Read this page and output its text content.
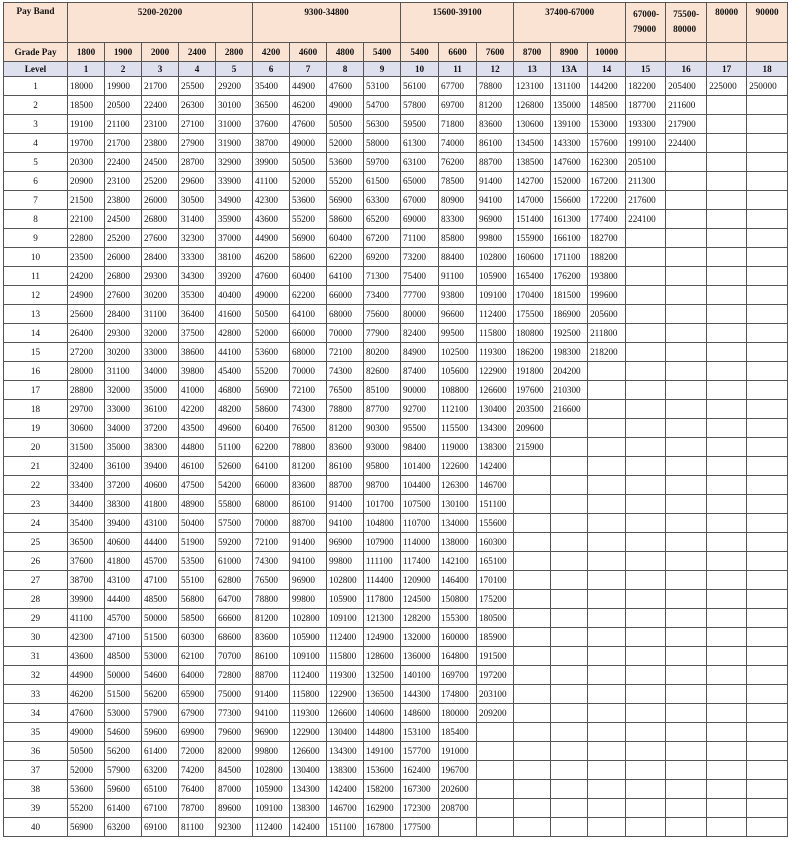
Pay Band	5200-20200					9300-34800				15600-39100			37400-67000			67000-79000	75500-80000	80000	90000
Grade Pay	1800	1900	2000	2400	2800	4200	4600	4800	5400	5400	6600	7600	8700	8900	10000				
Level	1	2	3	4	5	6	7	8	9	10	11	12	13	13A	14	15	16	17	18
1	18000	19900	21700	25500	29200	35400	44900	47600	53100	56100	67700	78800	123100	131100	144200	182200	205400	225000	250000
2	18500	20500	22400	26300	30100	36500	46200	49000	54700	57800	69700	81200	126800	135000	148500	187700	211600		
3	19100	21100	23100	27100	31000	37600	47600	50500	56300	59500	71800	83600	130600	139100	153000	193300	217900		
4	19700	21700	23800	27900	31900	38700	49000	52000	58000	61300	74000	86100	134500	143300	157600	199100	224400		
5	20300	22400	24500	28700	32900	39900	50500	53600	59700	63100	76200	88700	138500	147600	162300	205100			
6	20900	23100	25200	29600	33900	41100	52000	55200	61500	65000	78500	91400	142700	152000	167200	211300			
7	21500	23800	26000	30500	34900	42300	53600	56900	63300	67000	80900	94100	147000	156600	172200	217600			
8	22100	24500	26800	31400	35900	43600	55200	58600	65200	69000	83300	96900	151400	161300	177400	224100			
9	22800	25200	27600	32300	37000	44900	56900	60400	67200	71100	85800	99800	155900	166100	182700				
10	23500	26000	28400	33300	38100	46200	58600	62200	69200	73200	88400	102800	160600	171100	188200				
11	24200	26800	29300	34300	39200	47600	60400	64100	71300	75400	91100	105900	165400	176200	193800				
12	24900	27600	30200	35300	40400	49000	62200	66000	73400	77700	93800	109100	170400	181500	199600				
13	25600	28400	31100	36400	41600	50500	64100	68000	75600	80000	96600	112400	175500	186900	205600				
14	26400	29300	32000	37500	42800	52000	66000	70000	77900	82400	99500	115800	180800	192500	211800				
15	27200	30200	33000	38600	44100	53600	68000	72100	80200	84900	102500	119300	186200	198300	218200				
16	28000	31100	34000	39800	45400	55200	70000	74300	82600	87400	105600	122900	191800	204200					
17	28800	32000	35000	41000	46800	56900	72100	76500	85100	90000	108800	126600	197600	210300					
18	29700	33000	36100	42200	48200	58600	74300	78800	87700	92700	112100	130400	203500	216600					
19	30600	34000	37200	43500	49600	60400	76500	81200	90300	95500	115500	134300	209600						
20	31500	35000	38300	44800	51100	62200	78800	83600	93000	98400	119000	138300	215900						
21	32400	36100	39400	46100	52600	64100	81200	86100	95800	101400	122600	142400							
22	33400	37200	40600	47500	54200	66000	83600	88700	98700	104400	126300	146700							
23	34400	38300	41800	48900	55800	68000	86100	91400	101700	107500	130100	151100							
24	35400	39400	43100	50400	57500	70000	88700	94100	104800	110700	134000	155600							
25	36500	40600	44400	51900	59200	72100	91400	96900	107900	114000	138000	160300							
26	37600	41800	45700	53500	61000	74300	94100	99800	111100	117400	142100	165100							
27	38700	43100	47100	55100	62800	76500	96900	102800	114400	120900	146400	170100							
28	39900	44400	48500	56800	64700	78800	99800	105900	117800	124500	150800	175200							
29	41100	45700	50000	58500	66600	81200	102800	109100	121300	128200	155300	180500							
30	42300	47100	51500	60300	68600	83600	105900	112400	124900	132000	160000	185900							
31	43600	48500	53000	62100	70700	86100	109100	115800	128600	136000	164800	191500							
32	44900	50000	54600	64000	72800	88700	112400	119300	132500	140100	169700	197200							
33	46200	51500	56200	65900	75000	91400	115800	122900	136500	144300	174800	203100							
34	47600	53000	57900	67900	77300	94100	119300	126600	140600	148600	180000	209200							
35	49000	54600	59600	69900	79600	96900	122900	130400	144800	153100	185400								
36	50500	56200	61400	72000	82000	99800	126600	134300	149100	157700	191000								
37	52000	57900	63200	74200	84500	102800	130400	138300	153600	162400	196700								
38	53600	59600	65100	76400	87000	105900	134300	142400	158200	167300	202600								
39	55200	61400	67100	78700	89600	109100	138300	146700	162900	172300	208700								
40	56900	63200	69100	81100	92300	112400	142400	151100	167800	177500									
